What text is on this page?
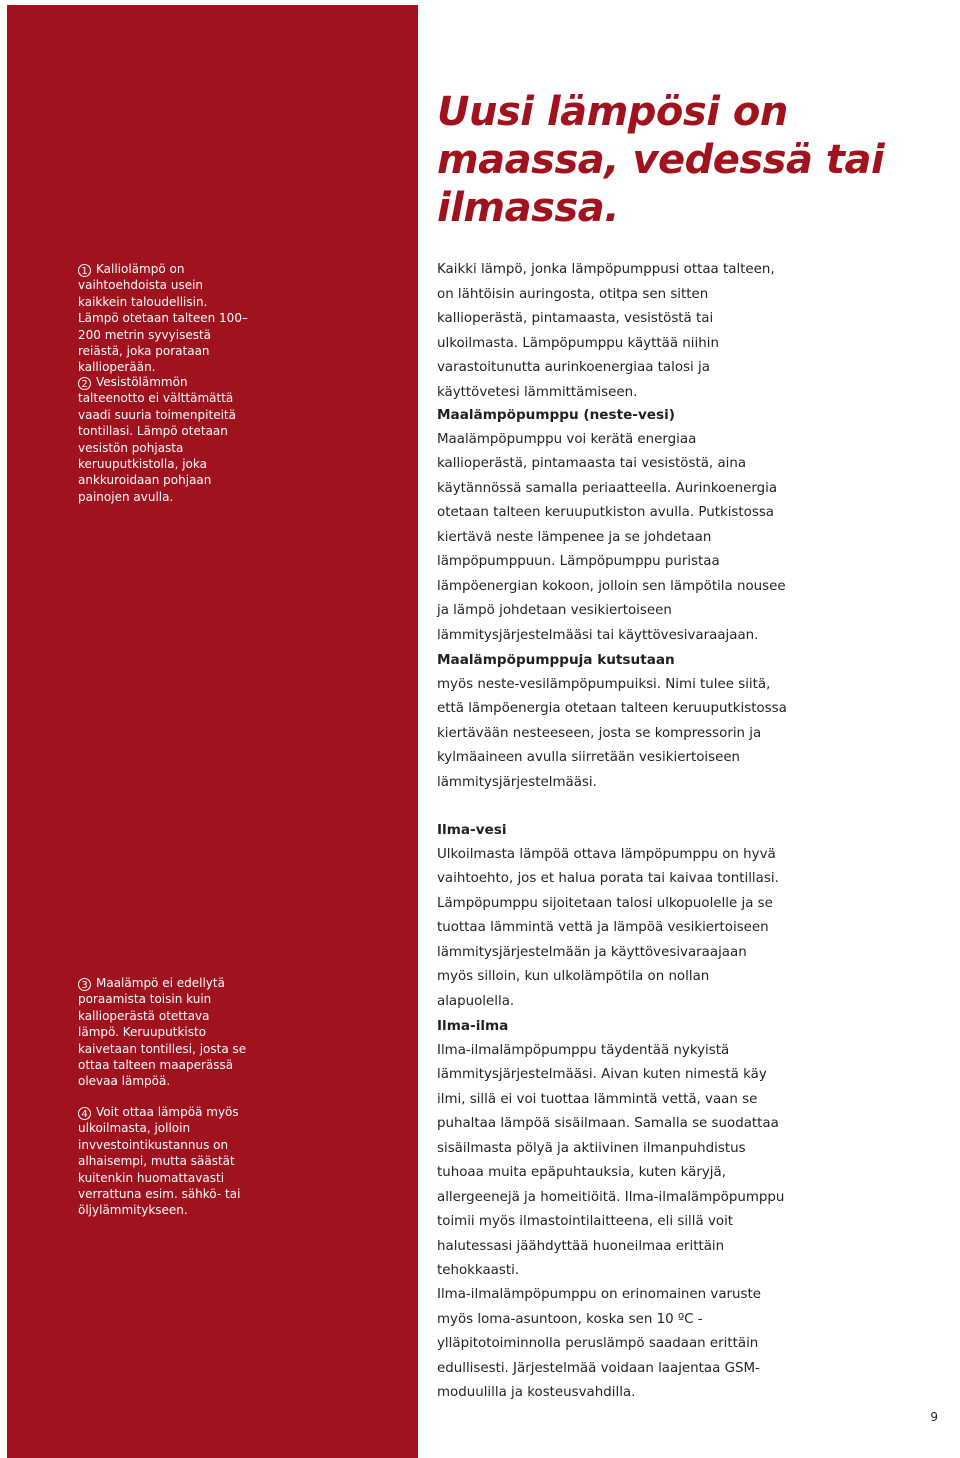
1 Kalliolämpö on vaihtoehdoista usein kaikkein taloudellisin. Lämpö otetaan talteen 100–200 metrin syvyisestä reiästä, joka porataan kallioperään.

2 Vesistölämmön talteenotto ei välttämättä vaadi suuria toimenpiteitä tontillasi. Lämpö otetaan vesistön pohjasta keruuputkistolla, joka ankkuroidaan pohjaan painojen avulla.

3 Maalämpö ei edellytä poraamista toisin kuin kallioperästä otettava lämpö. Keruuputkisto kaivetaan tontillesi, josta se ottaa talteen maaperässä olevaa lämpöä.

4 Voit ottaa lämpöä myös ulkoilmasta, jolloin invvestointikustannus on alhaisempi, mutta säästät kuitenkin huomattavasti verrattuna esim. sähkö- tai öljylämmitykseen.

Uusi lämpösi on maassa, vedessä tai ilmassa.

Kaikki lämpö, jonka lämpöpumppusi ottaa talteen, on lähtöisin auringosta, otitpa sen sitten kallioperästä, pintamaasta, vesistöstä tai ulkoilmasta. Lämpöpumppu käyttää niihin varastoitunutta aurinkoenergiaa talosi ja käyttövetesi lämmittämiseen.

Maalämpöpumppu (neste-vesi)

Maalämpöpumppu voi kerätä energiaa kallioperästä, pintamaasta tai vesistöstä, aina käytännössä samalla periaatteella. Aurinkoenergia otetaan talteen keruuputkiston avulla. Putkistossa kiertävä neste lämpenee ja se johdetaan lämpöpumppuun. Lämpöpumppu puristaa lämpöenergian kokoon, jolloin sen lämpötila nousee ja lämpö johdetaan vesikiertoiseen lämmitysjärjestelmääsi tai käyttövesivaraajaan.

Maalämpöpumppuja kutsutaan

myös neste-vesilämpöpumpuiksi. Nimi tulee siitä, että lämpöenergia otetaan talteen keruuputkistossa kiertävään nesteeseen, josta se kompressorin ja kylmäaineen avulla siirretään vesikiertoiseen lämmitysjärjestelmääsi.

Ilma-vesi

Ulkoilmasta lämpöä ottava lämpöpumppu on hyvä vaihtoehto, jos et halua porata tai kaivaa tontillasi. Lämpöpumppu sijoitetaan talosi ulkopuolelle ja se tuottaa lämmintä vettä ja lämpöä vesikiertoiseen lämmitysjärjestelmään ja käyttövesivaraajaan myös silloin, kun ulkolämpötila on nollan alapuolella.

Ilma-ilma

Ilma-ilmalämpöpumppu täydentää nykyistä lämmitysjärjestelmääsi. Aivan kuten nimestä käy ilmi, sillä ei voi tuottaa lämmintä vettä, vaan se puhaltaa lämpöä sisäilmaan. Samalla se suodattaa sisäilmasta pölyä ja aktiivinen ilmanpuhdistus tuhoaa muita epäpuhtauksia, kuten käryjä, allergeenejä ja homeitiöitä. Ilma-ilmalämpöpumppu toimii myös ilmastointilaitteena, eli sillä voit halutessasi jäähdyttää huoneilmaa erittäin tehokkaasti.

Ilma-ilmalämpöpumppu on erinomainen varuste myös loma-asuntoon, koska sen 10 ºC -ylläpitotoiminnolla peruslämpö saadaan erittäin edullisesti. Järjestelmää voidaan laajentaa GSM-moduulilla ja kosteusvahdilla.

9
